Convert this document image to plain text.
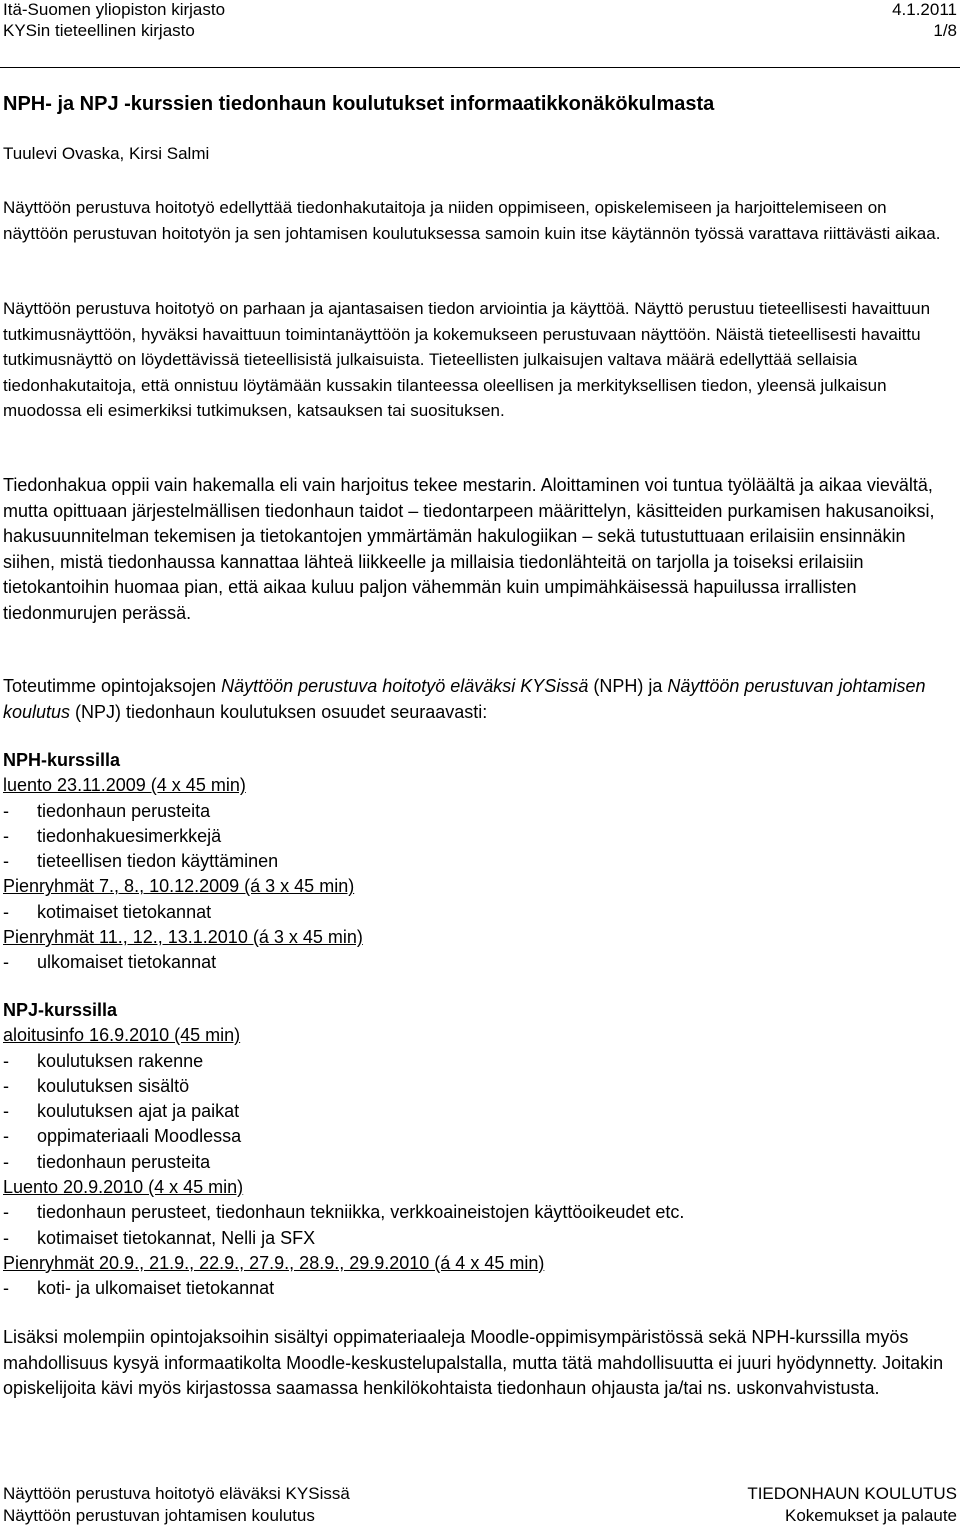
Itä-Suomen yliopiston kirjasto	4.1.2011
KYSin tieteellinen kirjasto	1/8
NPH- ja NPJ -kurssien tiedonhaun koulutukset informaatikkonäkökulmasta
Tuulevi Ovaska, Kirsi Salmi

Näyttöön perustuva hoitotyö edellyttää tiedonhakutaitoja ja niiden oppimiseen, opiskelemiseen ja harjoittelemiseen on näyttöön perustuvan hoitotyön ja sen johtamisen koulutuksessa samoin kuin itse käytännön työssä varattava riittävästi aikaa.

Näyttöön perustuva hoitotyö on parhaan ja ajantasaisen tiedon arviointia ja käyttöä. Näyttö perustuu tieteellisesti havaittuun tutkimusnäyttöön, hyväksi havaittuun toimintanäyttöön ja kokemukseen perustuvaan näyttöön. Näistä tieteellisesti havaittu tutkimusnäyttö on löydettävissä tieteellisistä julkaisuista. Tieteellisten julkaisujen valtava määrä edellyttää sellaisia tiedonhakutaitoja, että onnistuu löytämään kussakin tilanteessa oleellisen ja merkityksellisen tiedon, yleensä julkaisun muodossa eli esimerkiksi tutkimuksen, katsauksen tai suosituksen.

Tiedonhakua oppii vain hakemalla eli vain harjoitus tekee mestarin. Aloittaminen voi tuntua työläältä ja aikaa vievältä, mutta opittuaan järjestelmällisen tiedonhaun taidot – tiedontarpeen määrittelyn, käsitteiden purkamisen hakusanoiksi, hakusuunnitelman tekemisen ja tietokantojen ymmärtämän hakulogiikan – sekä tutustuttuaan erilaisiin ensinnäkin siihen, mistä tiedonhaussa kannattaa lähteä liikkeelle ja millaisia tiedonlähteitä on tarjolla ja toiseksi erilaisiin tietokantoihin huomaa pian, että aikaa kuluu paljon vähemmän kuin umpimähkäisessä hapuilussa irrallisten tiedonmurujen perässä.

Toteutimme opintojaksojen Näyttöön perustuva hoitotyö eläväksi KYSissä (NPH) ja Näyttöön perustuvan johtamisen koulutus (NPJ) tiedonhaun koulutuksen osuudet seuraavasti:

NPH-kurssilla
luento 23.11.2009 (4 x 45 min)
-	tiedonhaun perusteita
-	tiedonhakuesimerkkejä
-	tieteellisen tiedon käyttäminen
Pienryhmät 7., 8., 10.12.2009 (á 3 x 45 min)
-	kotimaiset tietokannat
Pienryhmät 11., 12., 13.1.2010 (á 3 x 45 min)
-	ulkomaiset tietokannat
NPJ-kurssilla
aloitusinfo 16.9.2010 (45 min)
-	koulutuksen rakenne
-	koulutuksen sisältö
-	koulutuksen ajat ja paikat
-	oppimateriaali Moodlessa
-	tiedonhaun perusteita
Luento 20.9.2010 (4 x 45 min)
-	tiedonhaun perusteet, tiedonhaun tekniikka, verkkoaineistojen käyttöoikeudet etc.
-	kotimaiset tietokannat, Nelli ja SFX
Pienryhmät 20.9., 21.9., 22.9., 27.9., 28.9., 29.9.2010 (á 4 x 45 min)
-	koti- ja ulkomaiset tietokannat

Lisäksi molempiin opintojaksoihin sisältyi oppimateriaaleja Moodle-oppimisympäristössä sekä NPH-kurssilla myös mahdollisuus kysyä informaatikolta Moodle-keskustelupalstalla, mutta tätä mahdollisuutta ei juuri hyödynnetty. Joitakin opiskelijoita kävi myös kirjastossa saamassa henkilökohtaista tiedonhaun ohjausta ja/tai ns. uskonvahvistusta.

Näyttöön perustuva hoitotyö eläväksi KYSissä	TIEDONHAUN KOULUTUS
Näyttöön perustuvan johtamisen koulutus	Kokemukset ja palaute
